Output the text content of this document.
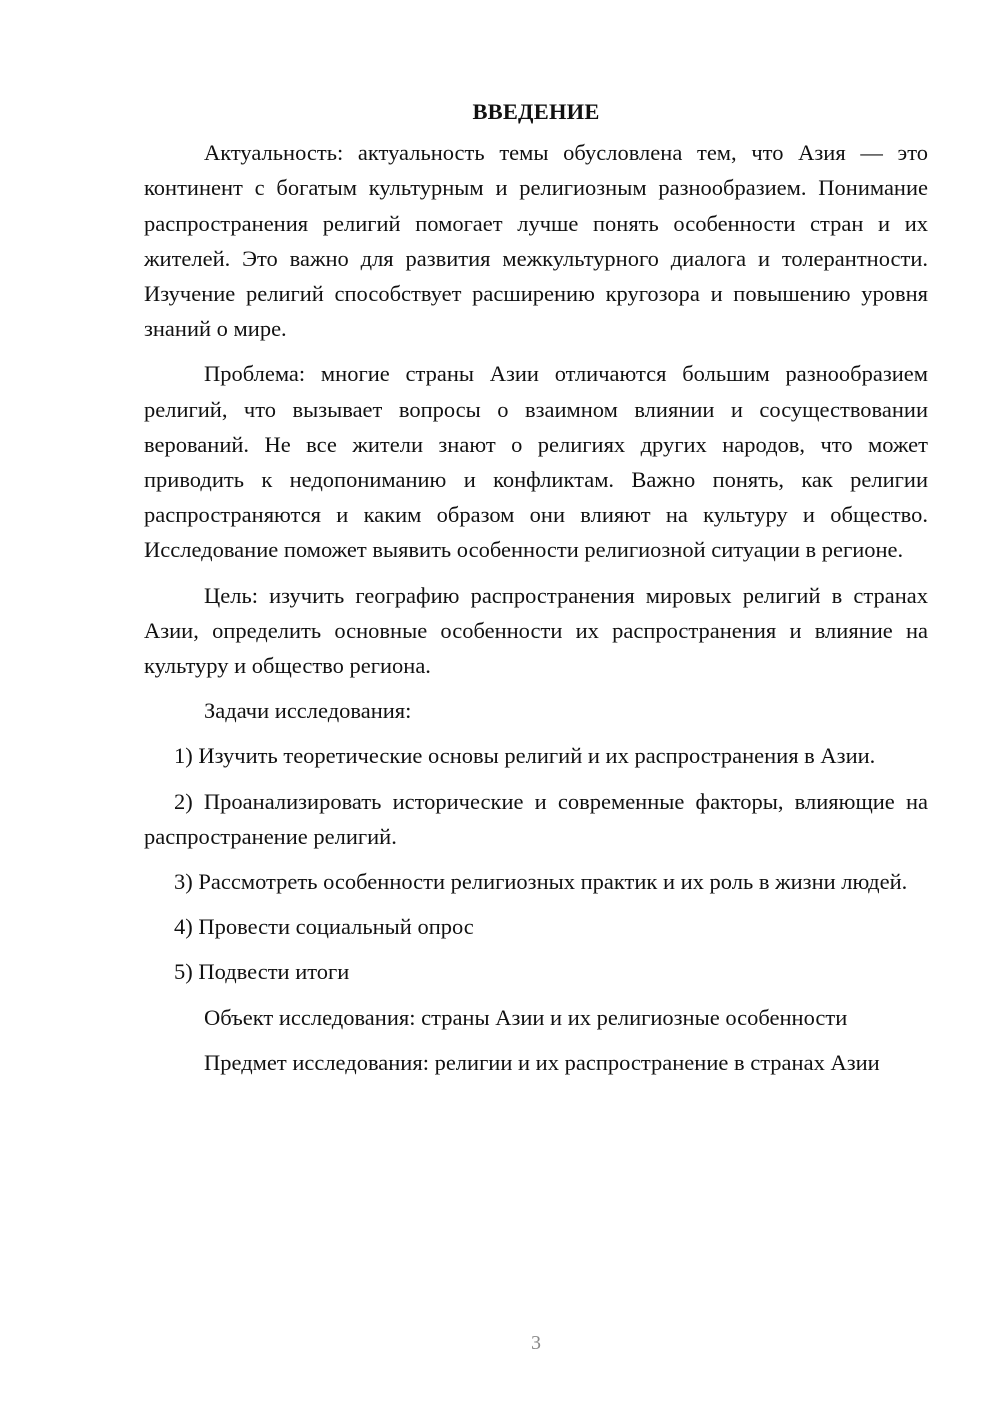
ВВЕДЕНИЕ

Актуальность: актуальность темы обусловлена тем, что Азия — это континент с богатым культурным и религиозным разнообразием. Понимание распространения религий помогает лучше понять особенности стран и их жителей. Это важно для развития межкультурного диалога и толерантности. Изучение религий способствует расширению кругозора и повышению уровня знаний о мире.

Проблема: многие страны Азии отличаются большим разнообразием религий, что вызывает вопросы о взаимном влиянии и сосуществовании верований. Не все жители знают о религиях других народов, что может приводить к недопониманию и конфликтам. Важно понять, как религии распространяются и каким образом они влияют на культуру и общество. Исследование поможет выявить особенности религиозной ситуации в регионе.

Цель: изучить географию распространения мировых религий в странах Азии, определить основные особенности их распространения и влияние на культуру и общество региона.

Задачи исследования:

1) Изучить теоретические основы религий и их распространения в Азии.

2) Проанализировать исторические и современные факторы, влияющие на распространение религий.

3) Рассмотреть особенности религиозных практик и их роль в жизни людей.

4) Провести социальный опрос

5) Подвести итоги

Объект исследования: страны Азии и их религиозные особенности

Предмет исследования: религии и их распространение в странах Азии

3
